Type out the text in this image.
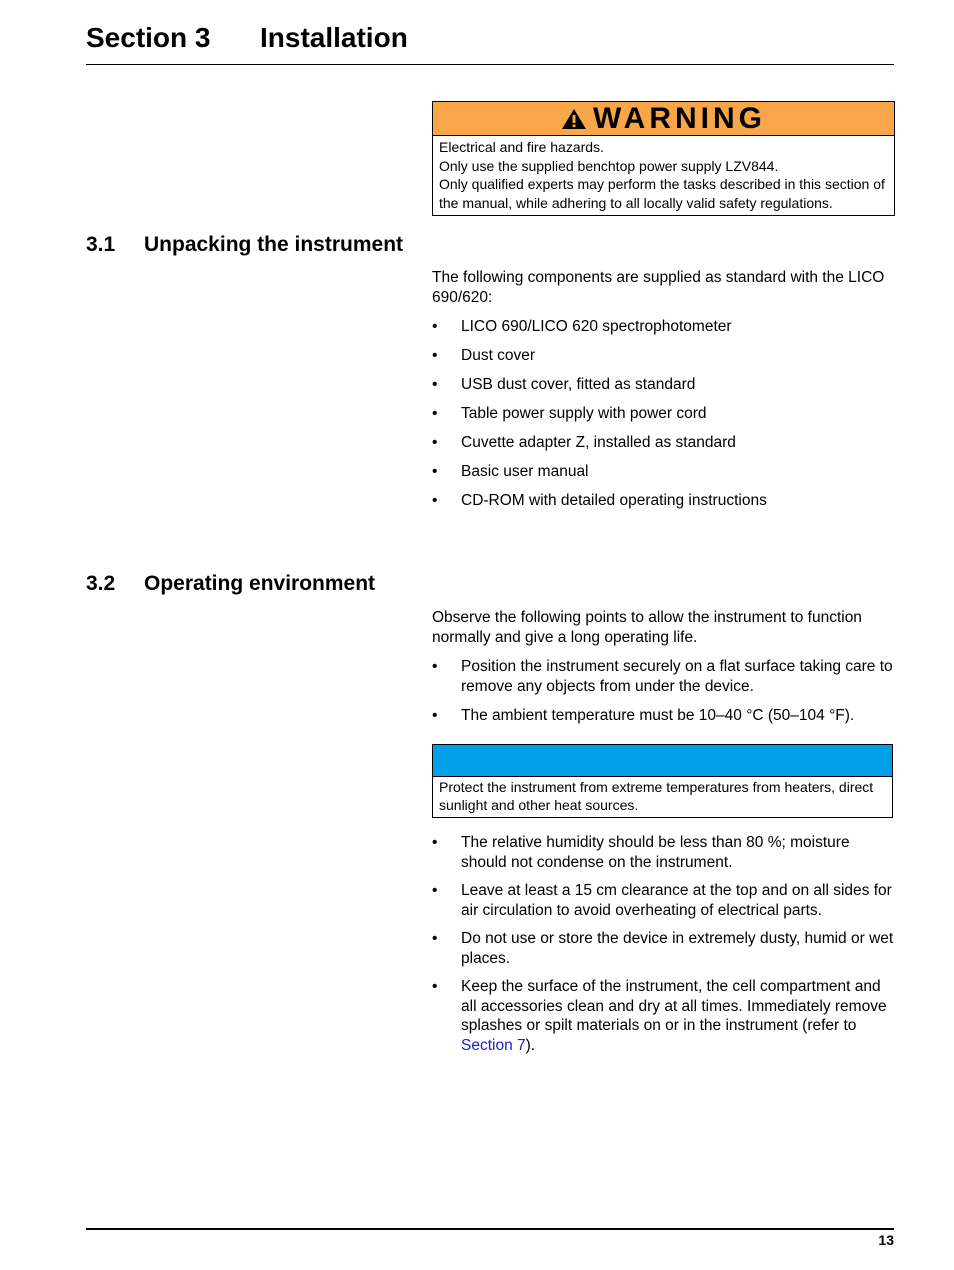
Section 3 Installation
WARNING
Electrical and fire hazards.
Only use the supplied benchtop power supply LZV844.
Only qualified experts may perform the tasks described in this section of the manual, while adhering to all locally valid safety regulations.
3.1 Unpacking the instrument
The following components are supplied as standard with the LICO 690/620:
• LICO 690/LICO 620 spectrophotometer
• Dust cover
• USB dust cover, fitted as standard
• Table power supply with power cord
• Cuvette adapter Z, installed as standard
• Basic user manual
• CD-ROM with detailed operating instructions
3.2 Operating environment
Observe the following points to allow the instrument to function normally and give a long operating life.
• Position the instrument securely on a flat surface taking care to remove any objects from under the device.
• The ambient temperature must be 10–40 °C (50–104 °F).
Protect the instrument from extreme temperatures from heaters, direct sunlight and other heat sources.
• The relative humidity should be less than 80 %; moisture should not condense on the instrument.
• Leave at least a 15 cm clearance at the top and on all sides for air circulation to avoid overheating of electrical parts.
• Do not use or store the device in extremely dusty, humid or wet places.
• Keep the surface of the instrument, the cell compartment and all accessories clean and dry at all times. Immediately remove splashes or spilt materials on or in the instrument (refer to Section 7).
13
